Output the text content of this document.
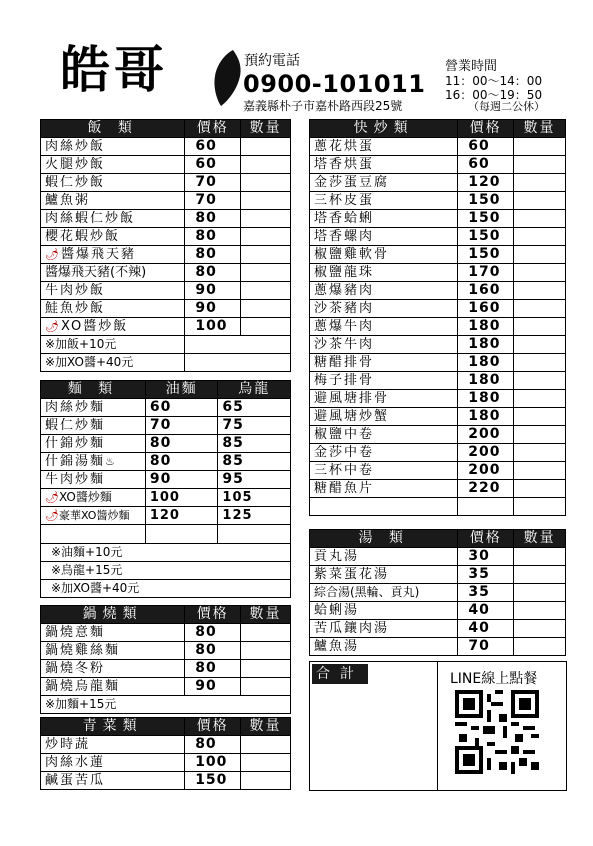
皓哥	預約電話
0900-101011
嘉義縣朴子市嘉朴路西段25號
營業時間
11：00～14：00
16：00～19：50
（每週二公休）
飯 類	價格	數量
肉絲炒飯	60	
火腿炒飯	60	
蝦仁炒飯	70	
鱸魚粥	70	
肉絲蝦仁炒飯	80	
櫻花蝦炒飯	80	
🌶醬爆飛天豬	80	
醬爆飛天豬(不辣)	80	
牛肉炒飯	90	
鮭魚炒飯	90	
🌶XO醬炒飯	100	
※加飯+10元		
※加XO醬+40元		
麵 類	油麵	烏龍
肉絲炒麵	60	65
蝦仁炒麵	70	75
什錦炒麵	80	85
什錦湯麵♨	80	85
牛肉炒麵	90	95
🌶XO醬炒麵	100	105
🌶豪華XO醬炒麵	120	125

※油麵+10元		
※烏龍+15元		
※加XO醬+40元		
鍋燒類	價格	數量
鍋燒意麵	80	
鍋燒雞絲麵	80	
鍋燒冬粉	80	
鍋燒烏龍麵	90	
※加麵+15元		
青菜類	價格	數量
炒時蔬	80	
肉絲水蓮	100	
鹹蛋苦瓜	150	
快炒類	價格	數量
蔥花烘蛋	60	
塔香烘蛋	60	
金莎蛋豆腐	120	
三杯皮蛋	150	
塔香蛤蜊	150	
塔香螺肉	150	
椒鹽雞軟骨	150	
椒鹽龍珠	170	
蔥爆豬肉	160	
沙茶豬肉	160	
蔥爆牛肉	180	
沙茶牛肉	180	
糖醋排骨	180	
梅子排骨	180	
避風塘排骨	180	
避風塘炒蟹	180	
椒鹽中卷	200	
金莎中卷	200	
三杯中卷	200	
糖醋魚片	220	

湯 類	價格	數量
貢丸湯	30	
紫菜蛋花湯	35	
綜合湯(黑輪、貢丸)	35	
蛤蜊湯	40	
苦瓜鑲肉湯	40	
鱸魚湯	70	
合計	LINE線上點餐
